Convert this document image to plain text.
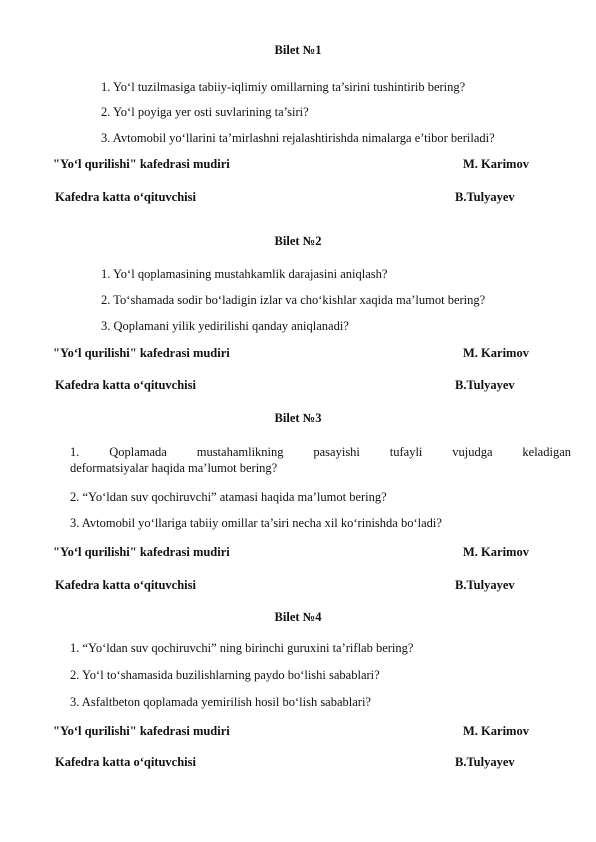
Bilet №1
1. Yo‘l tuzilmasiga tabiiy-iqlimiy omillarning ta’sirini tushintirib bering?
2. Yo‘l poyiga yer osti suvlarining ta’siri?
3. Avtomobil yo‘llarini ta’mirlashni rejalashtirishda nimalarga e’tibor beriladi?
"Yo‘l qurilishi" kafedrasi mudiri	M. Karimov
Kafedra katta o‘qituvchisi	B.Tulyayev
Bilet №2
1. Yo‘l qoplamasining mustahkamlik darajasini aniqlash?
2. To‘shamada sodir bo‘ladigin izlar va cho‘kishlar xaqida ma’lumot bering?
3. Qoplamani yilik yedirilishi qanday aniqlanadi?
"Yo‘l qurilishi" kafedrasi mudiri	M. Karimov
Kafedra katta o‘qituvchisi	B.Tulyayev
Bilet №3
1. Qoplamada mustahamlikning pasayishi tufayli vujudga keladigan
deformatsiyalar haqida ma’lumot bering?
2. “Yo‘ldan suv qochiruvchi” atamasi haqida ma’lumot bering?
3. Avtomobil yo‘llariga tabiiy omillar ta’siri necha xil ko‘rinishda bo‘ladi?
"Yo‘l qurilishi" kafedrasi mudiri	M. Karimov
Kafedra katta o‘qituvchisi	B.Tulyayev
Bilet №4
1. “Yo‘ldan suv qochiruvchi” ning birinchi guruxini ta’riflab bering?
2. Yo‘l to‘shamasida buzilishlarning paydo bo‘lishi sabablari?
3. Asfaltbeton qoplamada yemirilish hosil bo‘lish sabablari?
"Yo‘l qurilishi" kafedrasi mudiri	M. Karimov
Kafedra katta o‘qituvchisi	B.Tulyayev
